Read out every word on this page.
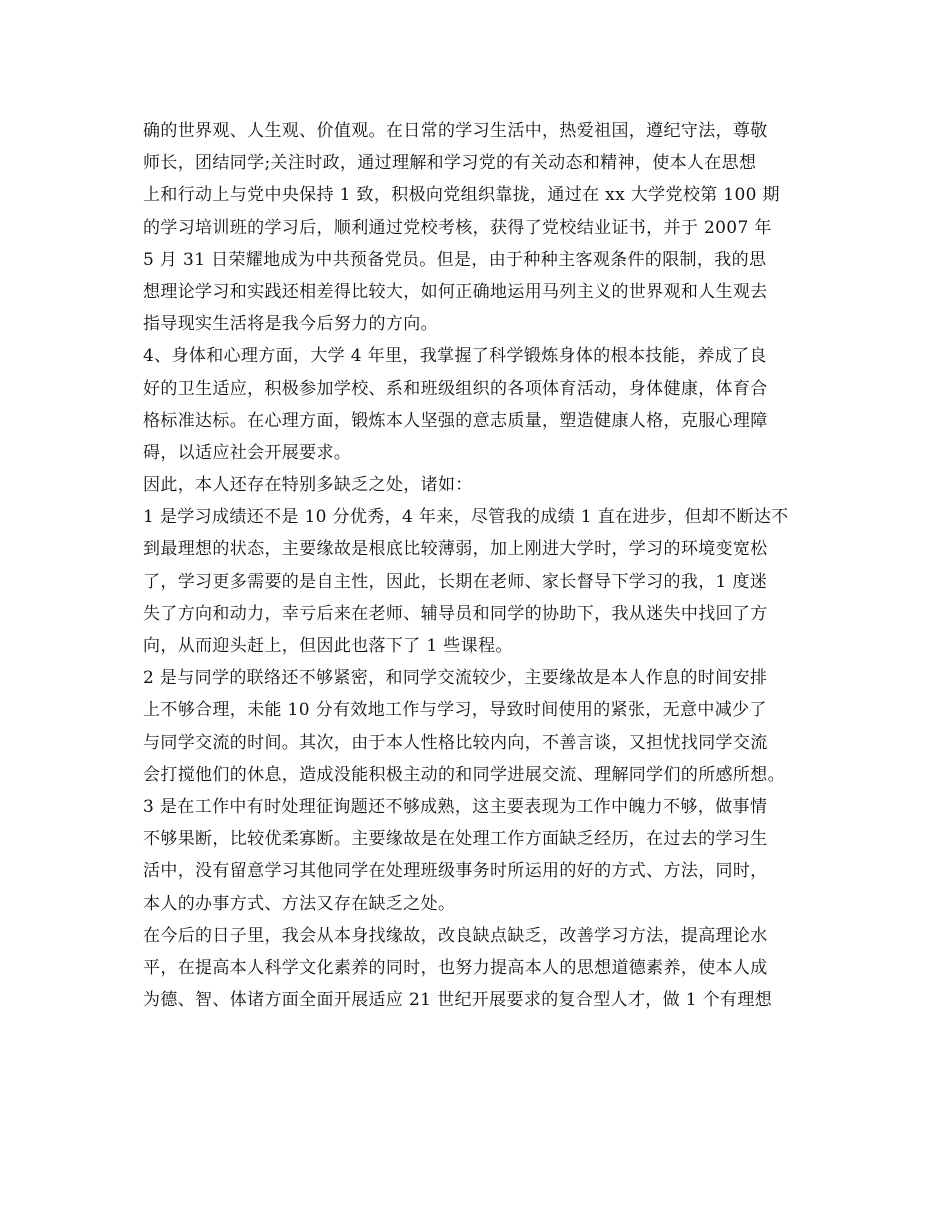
确的世界观、人生观、价值观。在日常的学习生活中，热爱祖国，遵纪守法，尊敬
师长，团结同学;关注时政，通过理解和学习党的有关动态和精神，使本人在思想
上和行动上与党中央保持 1 致，积极向党组织靠拢，通过在 xx 大学党校第 100 期
的学习培训班的学习后，顺利通过党校考核，获得了党校结业证书，并于 2007 年
5 月 31 日荣耀地成为中共预备党员。但是，由于种种主客观条件的限制，我的思
想理论学习和实践还相差得比较大，如何正确地运用马列主义的世界观和人生观去
指导现实生活将是我今后努力的方向。
4、身体和心理方面，大学 4 年里，我掌握了科学锻炼身体的根本技能，养成了良
好的卫生适应，积极参加学校、系和班级组织的各项体育活动，身体健康，体育合
格标准达标。在心理方面，锻炼本人坚强的意志质量，塑造健康人格，克服心理障
碍，以适应社会开展要求。
因此，本人还存在特别多缺乏之处，诸如：
1 是学习成绩还不是 10 分优秀，4 年来，尽管我的成绩 1 直在进步，但却不断达不
到最理想的状态，主要缘故是根底比较薄弱，加上刚进大学时，学习的环境变宽松
了，学习更多需要的是自主性，因此，长期在老师、家长督导下学习的我，1 度迷
失了方向和动力，幸亏后来在老师、辅导员和同学的协助下，我从迷失中找回了方
向，从而迎头赶上，但因此也落下了 1 些课程。
2 是与同学的联络还不够紧密，和同学交流较少，主要缘故是本人作息的时间安排
上不够合理，未能 10 分有效地工作与学习，导致时间使用的紧张，无意中减少了
与同学交流的时间。其次，由于本人性格比较内向，不善言谈，又担忧找同学交流
会打搅他们的休息，造成没能积极主动的和同学进展交流、理解同学们的所感所想。
3 是在工作中有时处理征询题还不够成熟，这主要表现为工作中魄力不够，做事情
不够果断，比较优柔寡断。主要缘故是在处理工作方面缺乏经历，在过去的学习生
活中，没有留意学习其他同学在处理班级事务时所运用的好的方式、方法，同时，
本人的办事方式、方法又存在缺乏之处。
在今后的日子里，我会从本身找缘故，改良缺点缺乏，改善学习方法，提高理论水
平，在提高本人科学文化素养的同时，也努力提高本人的思想道德素养，使本人成
为德、智、体诸方面全面开展适应 21 世纪开展要求的复合型人才，做 1 个有理想
